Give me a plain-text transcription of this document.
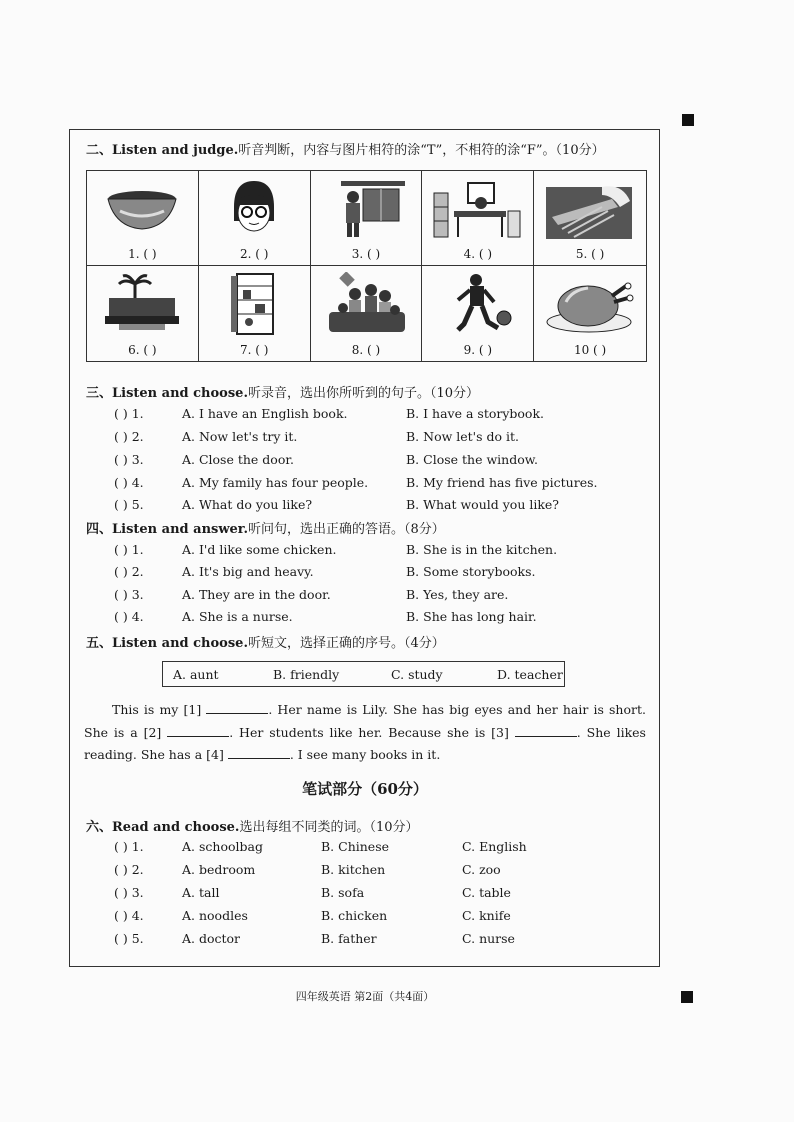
二、Listen and judge.听音判断，内容与图片相符的涂“T”，不相符的涂“F”。（10分）
1. ( )	2. ( )	3. ( )	4. ( )	5. ( )
6. ( )	7. ( )	8. ( )	9. ( )	10 ( )
三、Listen and choose.听录音，选出你所听到的句子。（10分）
( ) 1.	A. I have an English book.	B. I have a storybook.
( ) 2.	A. Now let's try it.	B. Now let's do it.
( ) 3.	A. Close the door.	B. Close the window.
( ) 4.	A. My family has four people.	B. My friend has five pictures.
( ) 5.	A. What do you like?	B. What would you like?
四、Listen and answer.听问句，选出正确的答语。（8分）
( ) 1.	A. I'd like some chicken.	B. She is in the kitchen.
( ) 2.	A. It's big and heavy.	B. Some storybooks.
( ) 3.	A. They are in the door.	B. Yes, they are.
( ) 4.	A. She is a nurse.	B. She has long hair.
五、Listen and choose.听短文，选择正确的序号。（4分）
A. aunt	B. friendly	C. study	D. teacher
This is my [1]	. Her name is Lily. She has big eyes and her hair is short. She is a [2]	. Her students like her. Because she is [3]	. She likes reading. She has a [4]	. I see many books in it.
笔试部分（60分）
六、Read and choose.选出每组不同类的词。（10分）
( ) 1.	A. schoolbag	B. Chinese	C. English
( ) 2.	A. bedroom	B. kitchen	C. zoo
( ) 3.	A. tall	B. sofa	C. table
( ) 4.	A. noodles	B. chicken	C. knife
( ) 5.	A. doctor	B. father	C. nurse
四年级英语 第2面（共4面）
